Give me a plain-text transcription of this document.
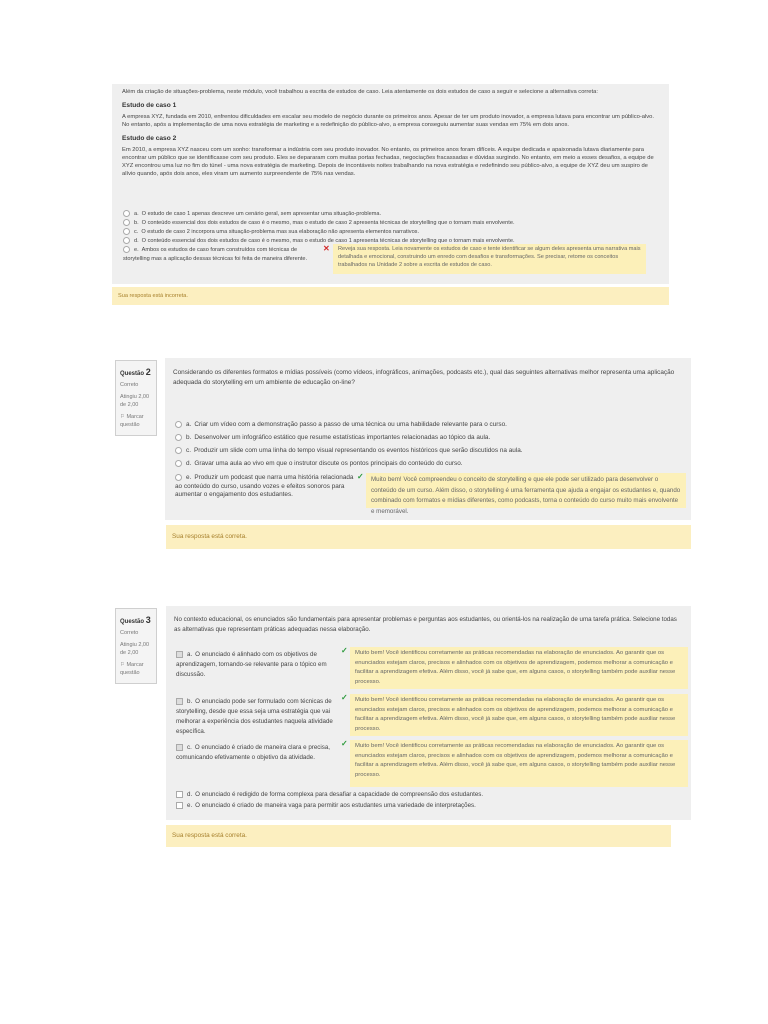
Além da criação de situações-problema, neste módulo, você trabalhou a escrita de estudos de caso. Leia atentamente os dois estudos de caso a seguir e selecione a alternativa correta:
Estudo de caso 1
A empresa XYZ, fundada em 2010, enfrentou dificuldades em escalar seu modelo de negócio durante os primeiros anos. Apesar de ter um produto inovador, a empresa lutava para encontrar um público-alvo. No entanto, após a implementação de uma nova estratégia de marketing e a redefinição do público-alvo, a empresa conseguiu aumentar suas vendas em 75% em dois anos.
Estudo de caso 2
Em 2010, a empresa XYZ nasceu com um sonho: transformar a indústria com seu produto inovador. No entanto, os primeiros anos foram difíceis. A equipe dedicada e apaixonada lutava diariamente para encontrar um público que se identificasse com seu produto. Eles se depararam com muitas portas fechadas, negociações fracassadas e dúvidas surgindo. No entanto, em meio a esses desafios, a equipe de XYZ encontrou uma luz no fim do túnel - uma nova estratégia de marketing. Depois de incontáveis noites trabalhando na nova estratégia e redefinindo seu público-alvo, a equipe de XYZ deu um suspiro de alívio quando, após dois anos, eles viram um aumento surpreendente de 75% nas vendas.
a. O estudo de caso 1 apenas descreve um cenário geral, sem apresentar uma situação-problema.
b. O conteúdo essencial dos dois estudos de caso é o mesmo, mas o estudo de caso 2 apresenta técnicas de storytelling que o tornam mais envolvente.
c. O estudo de caso 2 incorpora uma situação-problema mas sua elaboração não apresenta elementos narrativos.
d. O conteúdo essencial dos dois estudos de caso é o mesmo, mas o estudo de caso 1 apresenta técnicas de storytelling que o tornam mais envolvente.
e. Ambos os estudos de caso foram construídos com técnicas de storytelling mas a aplicação dessas técnicas foi feita de maneira diferente.
✕	Reveja sua resposta. Leia novamente os estudos de caso e tente identificar se algum deles apresenta uma narrativa mais detalhada e emocional, construindo um enredo com desafios e transformações. Se precisar, retome os conceitos trabalhados na Unidade 2 sobre a escrita de estudos de caso.
Sua resposta está incorreta.
Questão 2
Correto
Atingiu 2,00 de 2,00
⚐ Marcar questão
Considerando os diferentes formatos e mídias possíveis (como vídeos, infográficos, animações, podcasts etc.), qual das seguintes alternativas melhor representa uma aplicação adequada do storytelling em um ambiente de educação on-line?
a. Criar um vídeo com a demonstração passo a passo de uma técnica ou uma habilidade relevante para o curso.
b. Desenvolver um infográfico estático que resume estatísticas importantes relacionadas ao tópico da aula.
c. Produzir um slide com uma linha do tempo visual representando os eventos históricos que serão discutidos na aula.
d. Gravar uma aula ao vivo em que o instrutor discute os pontos principais do conteúdo do curso.
e. Produzir um podcast que narra uma história relacionada ao conteúdo do curso, usando vozes e efeitos sonoros para aumentar o engajamento dos estudantes.
✓	Muito bem! Você compreendeu o conceito de storytelling e que ele pode ser utilizado para desenvolver o conteúdo de um curso. Além disso, o storytelling é uma ferramenta que ajuda a engajar os estudantes e, quando combinado com formatos e mídias diferentes, como podcasts, torna o conteúdo do curso muito mais envolvente e memorável.
Sua resposta está correta.
Questão 3
Correto
Atingiu 2,00 de 2,00
⚐ Marcar questão
No contexto educacional, os enunciados são fundamentais para apresentar problemas e perguntas aos estudantes, ou orientá-los na realização de uma tarefa prática. Selecione todas as alternativas que representam práticas adequadas nessa elaboração.
a. O enunciado é alinhado com os objetivos de aprendizagem, tornando-se relevante para o tópico em discussão.
✓	Muito bem! Você identificou corretamente as práticas recomendadas na elaboração de enunciados. Ao garantir que os enunciados estejam claros, precisos e alinhados com os objetivos de aprendizagem, podemos melhorar a comunicação e facilitar a aprendizagem efetiva. Além disso, você já sabe que, em alguns casos, o storytelling também pode auxiliar nesse processo.
b. O enunciado pode ser formulado com técnicas de storytelling, desde que essa seja uma estratégia que vai melhorar a experiência dos estudantes naquela atividade específica.
✓	Muito bem! Você identificou corretamente as práticas recomendadas na elaboração de enunciados. Ao garantir que os enunciados estejam claros, precisos e alinhados com os objetivos de aprendizagem, podemos melhorar a comunicação e facilitar a aprendizagem efetiva. Além disso, você já sabe que, em alguns casos, o storytelling também pode auxiliar nesse processo.
c. O enunciado é criado de maneira clara e precisa, comunicando efetivamente o objetivo da atividade.
✓	Muito bem! Você identificou corretamente as práticas recomendadas na elaboração de enunciados. Ao garantir que os enunciados estejam claros, precisos e alinhados com os objetivos de aprendizagem, podemos melhorar a comunicação e facilitar a aprendizagem efetiva. Além disso, você já sabe que, em alguns casos, o storytelling também pode auxiliar nesse processo.
d. O enunciado é redigido de forma complexa para desafiar a capacidade de compreensão dos estudantes.
e. O enunciado é criado de maneira vaga para permitir aos estudantes uma variedade de interpretações.
Sua resposta está correta.
